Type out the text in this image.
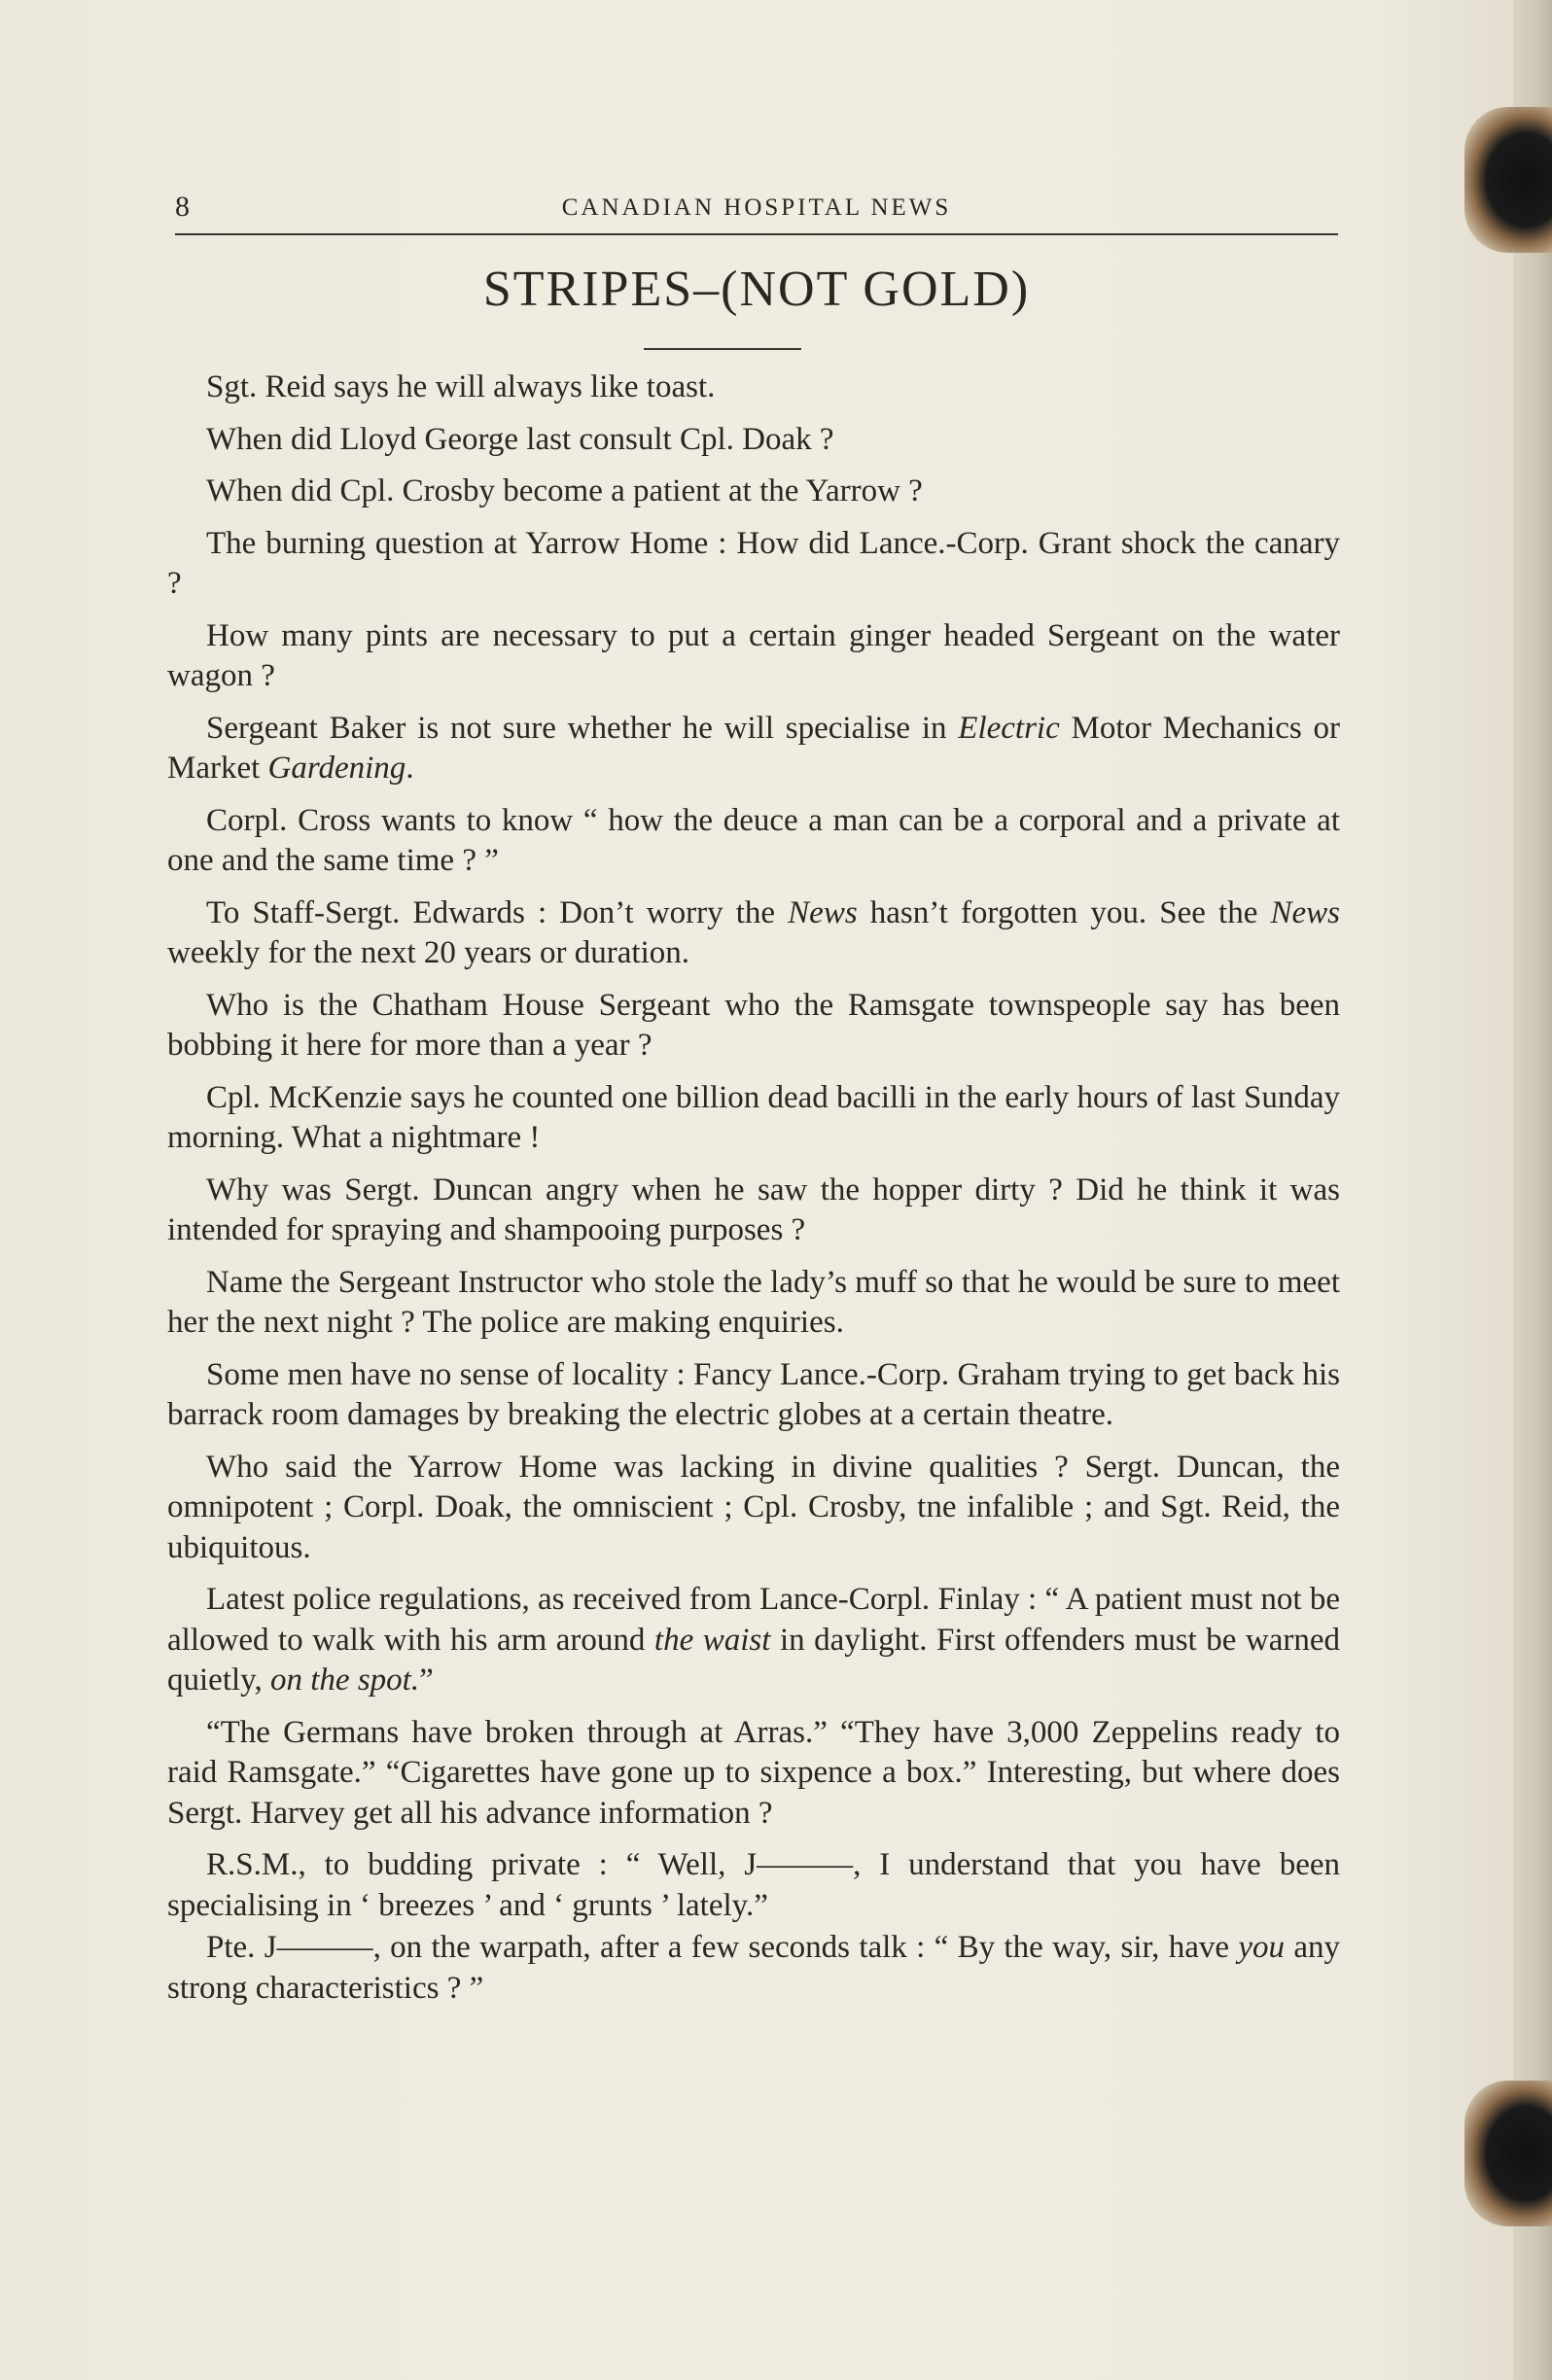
8	CANADIAN HOSPITAL NEWS
STRIPES–(NOT GOLD)

Sgt. Reid says he will always like toast.

When did Lloyd George last consult Cpl. Doak ?

When did Cpl. Crosby become a patient at the Yarrow ?

The burning question at Yarrow Home : How did Lance.-Corp. Grant shock the canary ?

How many pints are necessary to put a certain ginger headed Sergeant on the water wagon ?

Sergeant Baker is not sure whether he will specialise in Electric Motor Mechanics or Market Gardening.

Corpl. Cross wants to know “ how the deuce a man can be a corporal and a private at one and the same time ? ”

To Staff-Sergt. Edwards : Don’t worry the News hasn’t forgotten you. See the News weekly for the next 20 years or duration.

Who is the Chatham House Sergeant who the Ramsgate townspeople say has been bobbing it here for more than a year ?

Cpl. McKenzie says he counted one billion dead bacilli in the early hours of last Sunday morning. What a nightmare !

Why was Sergt. Duncan angry when he saw the hopper dirty ? Did he think it was intended for spraying and shampooing purposes ?

Name the Sergeant Instructor who stole the lady’s muff so that he would be sure to meet her the next night ? The police are making enquiries.

Some men have no sense of locality : Fancy Lance.-Corp. Graham trying to get back his barrack room damages by breaking the electric globes at a certain theatre.

Who said the Yarrow Home was lacking in divine qualities ? Sergt. Duncan, the omnipotent ; Corpl. Doak, the omniscient ; Cpl. Crosby, tne infalible ; and Sgt. Reid, the ubiquitous.

Latest police regulations, as received from Lance-Corpl. Finlay : “ A patient must not be allowed to walk with his arm around the waist in daylight. First offenders must be warned quietly, on the spot.”

“The Germans have broken through at Arras.” “They have 3,000 Zeppelins ready to raid Ramsgate.” “Cigarettes have gone up to sixpence a box.” Interesting, but where does Sergt. Harvey get all his advance information ?

R.S.M., to budding private : “ Well, J———, I understand that you have been specialising in ‘ breezes ’ and ‘ grunts ’ lately.”

Pte. J———, on the warpath, after a few seconds talk : “ By the way, sir, have you any strong characteristics ? ”
